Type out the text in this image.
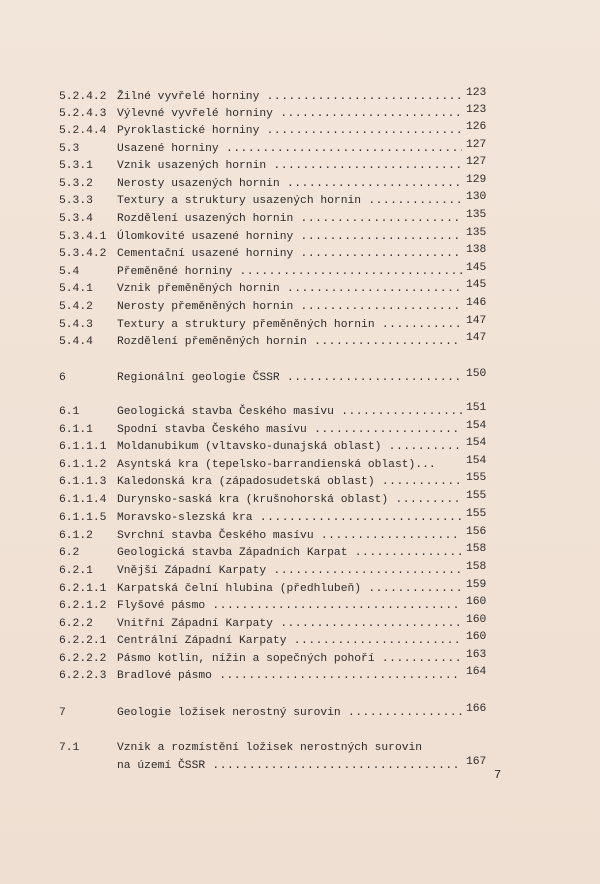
5.2.4.2 Žilné vyvřelé horniny .....	123
5.2.4.3 Výlevné vyvřelé horniny .....	123
5.2.4.4 Pyroklastické horniny .....	126
5.3	Usazené horniny .....	127
5.3.1 Vznik usazených hornin .....	127
5.3.2 Nerosty usazených hornin .....	129
5.3.3 Textury a struktury usazených hornin .....	130
5.3.4 Rozdělení usazených hornin .....	135
5.3.4.1 Úlomkovité usazené horniny .....	135
5.3.4.2 Cementační usazené horniny .....	138
5.4	Přeměněné horniny .....	145
5.4.1 Vznik přeměněných hornin .....	145
5.4.2 Nerosty přeměněných hornin .....	146
5.4.3 Textury a struktury přeměněných hornin .....	147
5.4.4 Rozdělení přeměněných hornin .....	147
6	Regionální geologie ČSSR .....	150
6.1	Geologická stavba Českého masívu .....	151
6.1.1 Spodní stavba Českého masívu .....	154
6.1.1.1 Moldanubikum (vltavsko-dunajská oblast) .....	154
6.1.1.2 Asyntská kra (tepelsko-barrandienská oblast)...	154
6.1.1.3 Kaledonská kra (západosudetská oblast) .....	155
6.1.1.4 Durynsko-saská kra (krušnohorská oblast) .....	155
6.1.1.5 Moravsko-slezská kra .....	155
6.1.2 Svrchní stavba Českého masívu .....	156
6.2	Geologická stavba Západních Karpat .....	158
6.2.1 Vnější Západní Karpaty .....	158
6.2.1.1 Karpatská čelní hlubina (předhlubeň) .....	159
6.2.1.2 Flyšové pásmo .....	160
6.2.2 Vnitřní Západní Karpaty .....	160
6.2.2.1 Centrální Západní Karpaty .....	160
6.2.2.2 Pásmo kotlin, nížin a sopečných pohoří .....	163
6.2.2.3 Bradlové pásmo .....	164
7	Geologie ložisek nerostný surovin .....	166
7.1	Vznik a rozmístění ložisek nerostných surovin
na území ČSSR .....	167
7
